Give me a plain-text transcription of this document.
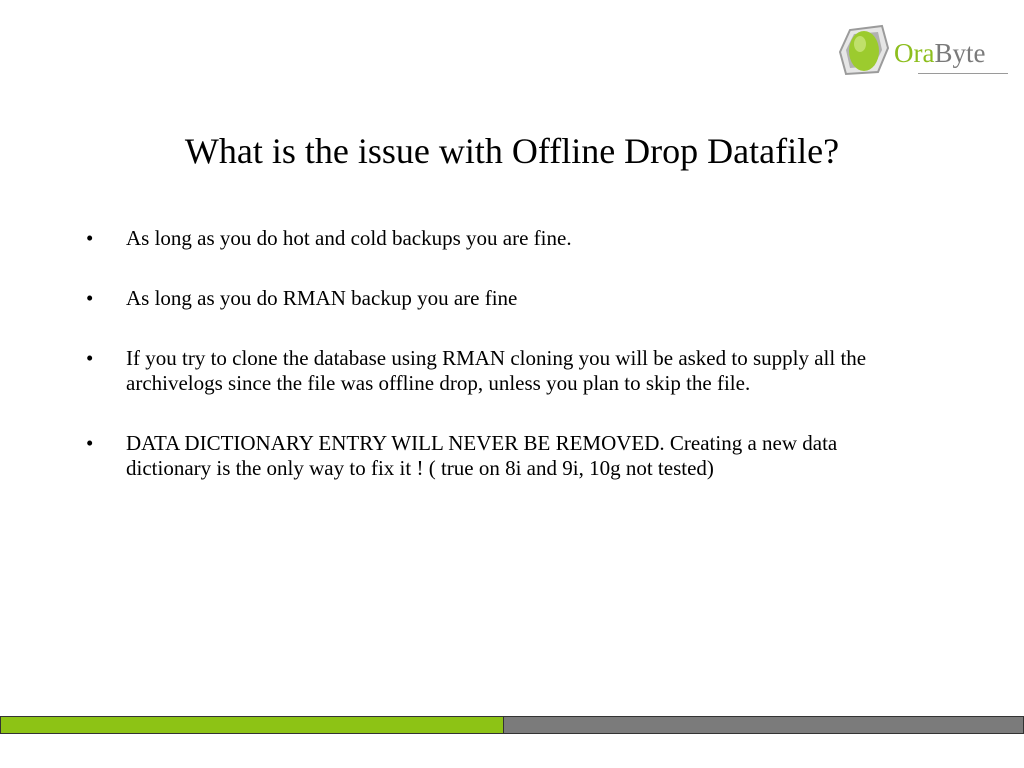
OraByte
What is the issue with Offline Drop Datafile?
• As long as you do hot and cold backups you are fine.
• As long as you do RMAN backup you are fine
• If you try to clone the database using RMAN cloning you will be asked to supply all the archivelogs since the file was offline drop, unless you plan to skip the file.
• DATA DICTIONARY ENTRY WILL NEVER BE REMOVED. Creating a new data dictionary is the only way to fix it ! ( true on 8i and 9i, 10g not tested)
